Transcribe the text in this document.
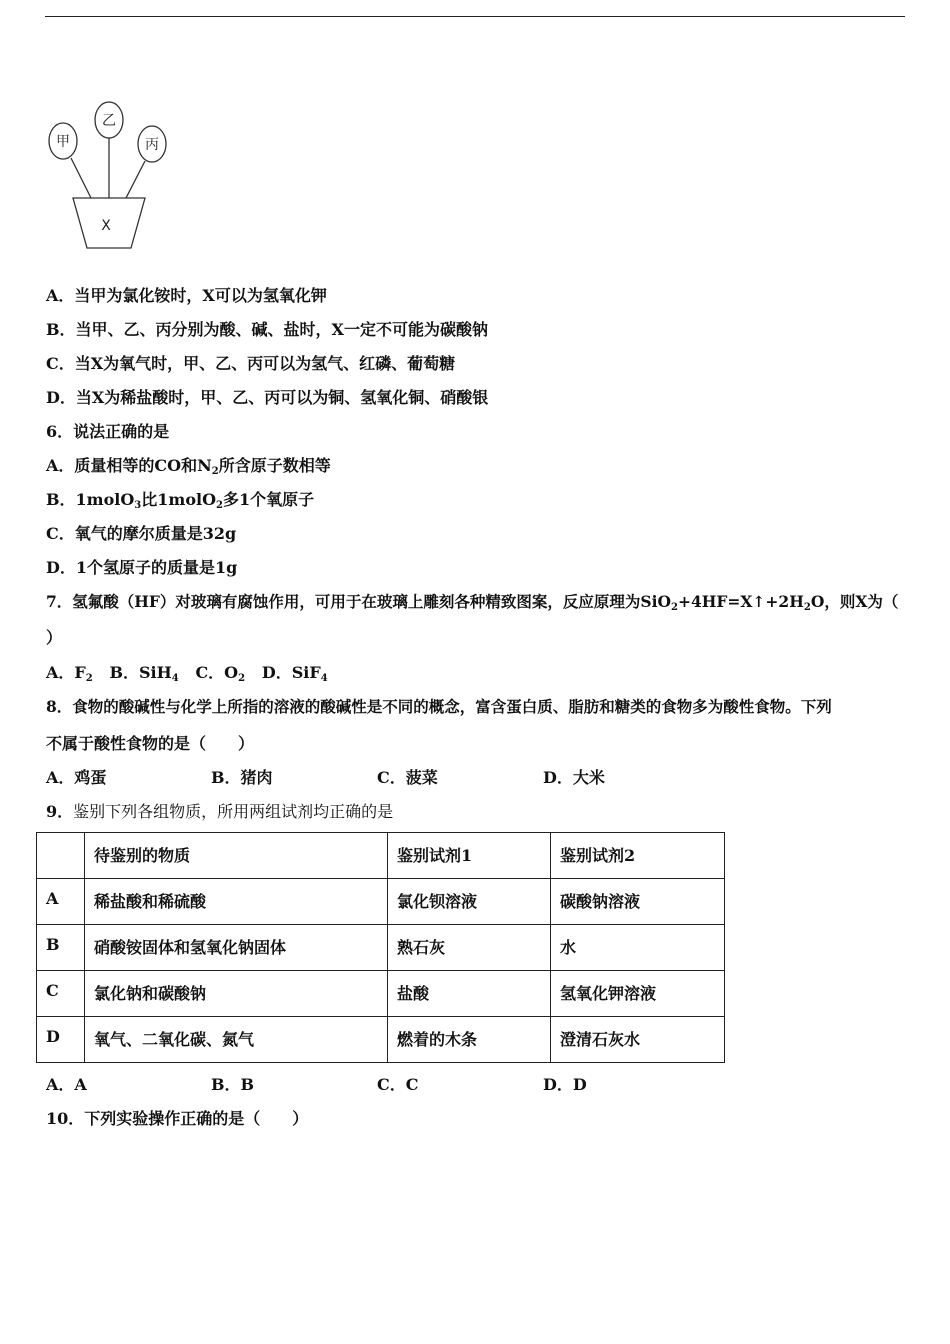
甲
乙
丙
X
A．当甲为氯化铵时，X可以为氢氧化钾
B．当甲、乙、丙分别为酸、碱、盐时，X一定不可能为碳酸钠
C．当X为氧气时，甲、乙、丙可以为氢气、红磷、葡萄糖
D．当X为稀盐酸时，甲、乙、丙可以为铜、氢氧化铜、硝酸银
6．说法正确的是
A．质量相等的CO和$N_2$所含原子数相等
B．1molO$_3$比1molO$_2$多1个氧原子
C．氧气的摩尔质量是32g
D．1个氢原子的质量是1g
7．氢氟酸（HF）对玻璃有腐蚀作用，可用于在玻璃上雕刻各种精致图案，反应原理为$SiO_2+4HF=X↑+2H_2O$，则X为（
）
A．$F_2$ B．SiH$_4$ C．$O_2$ D．SiF$_4$
8．食物的酸碱性与化学上所指的溶液的酸碱性是不同的概念，富含蛋白质、脂肪和糖类的食物多为酸性食物。下列
不属于酸性食物的是（　　）
A．鸡蛋	B．猪肉	C．菠菜	D．大米
9．鉴别下列各组物质，所用两组试剂均正确的是
	待鉴别的物质	鉴别试剂1	鉴别试剂2
A	稀盐酸和稀硫酸	氯化钡溶液	碳酸钠溶液
B	硝酸铵固体和氢氧化钠固体	熟石灰	水
C	氯化钠和碳酸钠	盐酸	氢氧化钾溶液
D	氧气、二氧化碳、氮气	燃着的木条	澄清石灰水
A．A	B．B	C．C	D．D
10．下列实验操作正确的是（　　）
